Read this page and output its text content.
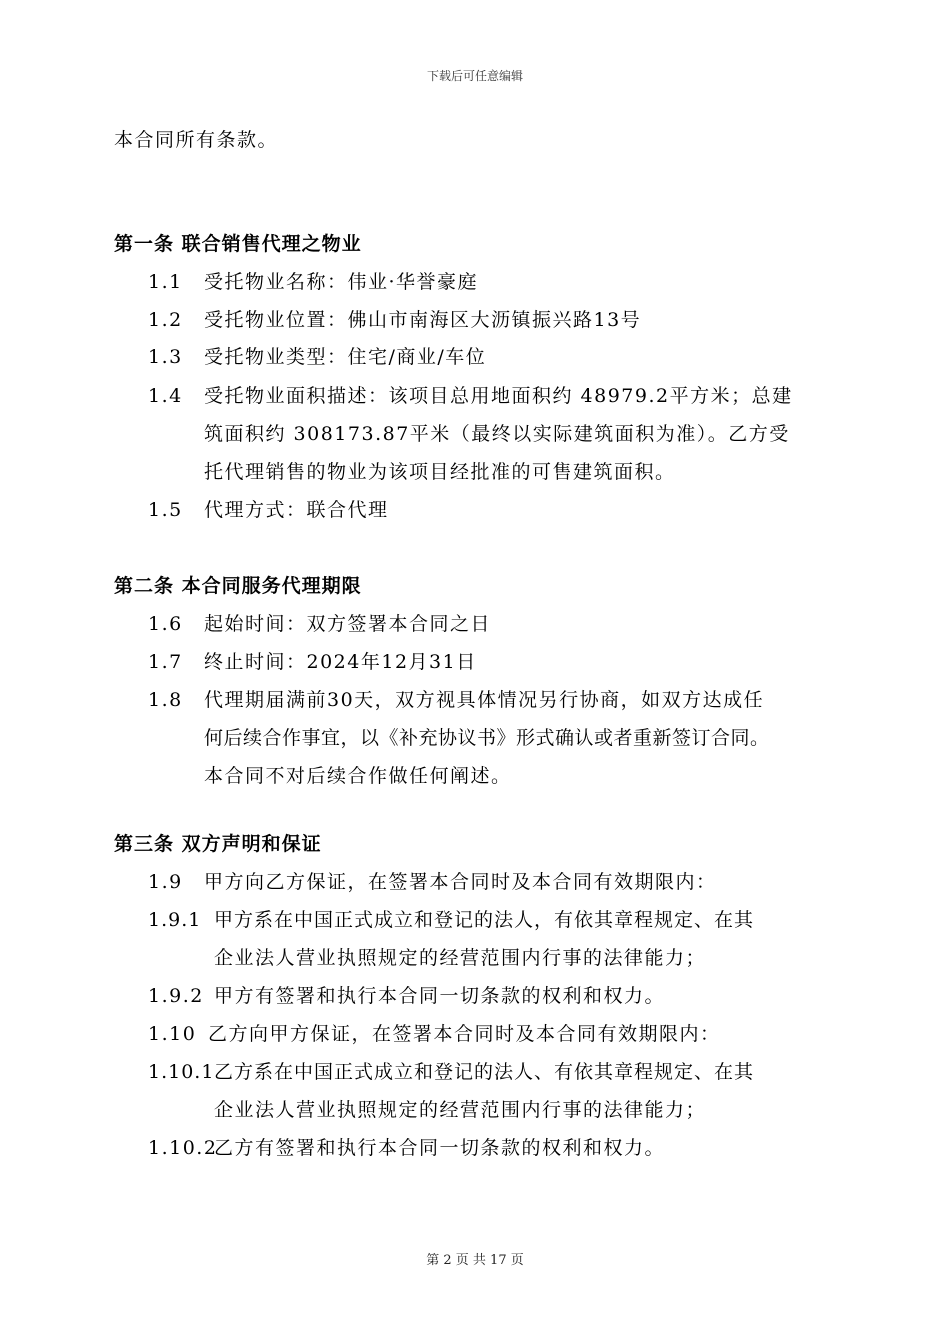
下载后可任意编辑
本合同所有条款。
第一条 联合销售代理之物业
1.1 受托物业名称：伟业·华誉豪庭
1.2 受托物业位置：佛山市南海区大沥镇振兴路13号
1.3 受托物业类型：住宅/商业/车位
1.4 受托物业面积描述：该项目总用地面积约 48979.2平方米；总建
筑面积约 308173.87平米（最终以实际建筑面积为准）。乙方受
托代理销售的物业为该项目经批准的可售建筑面积。
1.5 代理方式：联合代理
第二条 本合同服务代理期限
1.6 起始时间：双方签署本合同之日
1.7 终止时间：2024年12月31日
1.8 代理期届满前30天，双方视具体情况另行协商，如双方达成任
何后续合作事宜，以《补充协议书》形式确认或者重新签订合同。
本合同不对后续合作做任何阐述。
第三条 双方声明和保证
1.9 甲方向乙方保证，在签署本合同时及本合同有效期限内：
1.9.1 甲方系在中国正式成立和登记的法人，有依其章程规定、在其
企业法人营业执照规定的经营范围内行事的法律能力；
1.9.2 甲方有签署和执行本合同一切条款的权利和权力。
1.10 乙方向甲方保证，在签署本合同时及本合同有效期限内：
1.10.1乙方系在中国正式成立和登记的法人、有依其章程规定、在其
企业法人营业执照规定的经营范围内行事的法律能力；
1.10.2乙方有签署和执行本合同一切条款的权利和权力。
第 2 页 共 17 页
